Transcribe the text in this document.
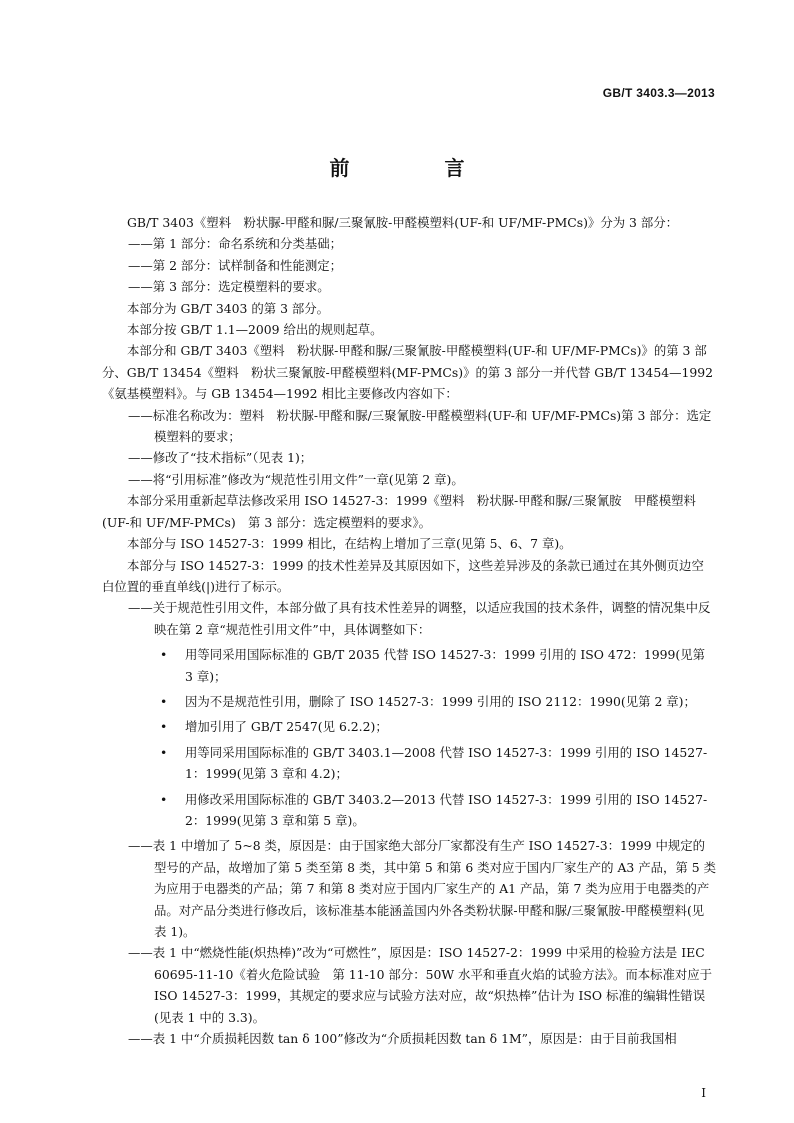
GB/T 3403.3—2013
前 言

GB/T 3403《塑料　粉状脲-甲醛和脲/三聚氰胺-甲醛模塑料(UF-和 UF/MF-PMCs)》分为 3 部分：

——第 1 部分：命名系统和分类基础；

——第 2 部分：试样制备和性能测定；

——第 3 部分：选定模塑料的要求。

本部分为 GB/T 3403 的第 3 部分。

本部分按 GB/T 1.1—2009 给出的规则起草。

本部分和 GB/T 3403《塑料　粉状脲-甲醛和脲/三聚氰胺-甲醛模塑料(UF-和 UF/MF-PMCs)》的第 3 部分、GB/T 13454《塑料　粉状三聚氰胺-甲醛模塑料(MF-PMCs)》的第 3 部分一并代替 GB/T 13454—1992《氨基模塑料》。与 GB 13454—1992 相比主要修改内容如下：

——标准名称改为：塑料　粉状脲-甲醛和脲/三聚氰胺-甲醛模塑料(UF-和 UF/MF-PMCs)第 3 部分：选定模塑料的要求；

——修改了“技术指标”（见表 1)；

——将“引用标准”修改为“规范性引用文件”一章(见第 2 章)。

本部分采用重新起草法修改采用 ISO 14527-3：1999《塑料　粉状脲-甲醛和脲/三聚氰胺　甲醛模塑料(UF-和 UF/MF-PMCs)　第 3 部分：选定模塑料的要求》。

本部分与 ISO 14527-3：1999 相比，在结构上增加了三章(见第 5、6、7 章)。

本部分与 ISO 14527-3：1999 的技术性差异及其原因如下，这些差异涉及的条款已通过在其外侧页边空白位置的垂直单线(|)进行了标示。

——关于规范性引用文件，本部分做了具有技术性差异的调整，以适应我国的技术条件，调整的情况集中反映在第 2 章“规范性引用文件”中，具体调整如下：

• 用等同采用国际标准的 GB/T 2035 代替 ISO 14527-3：1999 引用的 ISO 472：1999(见第 3 章)；

• 因为不是规范性引用，删除了 ISO 14527-3：1999 引用的 ISO 2112：1990(见第 2 章)；

• 增加引用了 GB/T 2547(见 6.2.2)；

• 用等同采用国际标准的 GB/T 3403.1—2008 代替 ISO 14527-3：1999 引用的 ISO 14527-1：1999(见第 3 章和 4.2)；

• 用修改采用国际标准的 GB/T 3403.2—2013 代替 ISO 14527-3：1999 引用的 ISO 14527-2：1999(见第 3 章和第 5 章)。

——表 1 中增加了 5~8 类，原因是：由于国家绝大部分厂家都没有生产 ISO 14527-3：1999 中规定的型号的产品，故增加了第 5 类至第 8 类，其中第 5 和第 6 类对应于国内厂家生产的 A3 产品，第 5 类为应用于电器类的产品；第 7 和第 8 类对应于国内厂家生产的 A1 产品，第 7 类为应用于电器类的产品。对产品分类进行修改后，该标准基本能涵盖国内外各类粉状脲-甲醛和脲/三聚氰胺-甲醛模塑料(见表 1)。

——表 1 中“燃烧性能(炽热棒)”改为“可燃性”，原因是：ISO 14527-2：1999 中采用的检验方法是 IEC 60695-11-10《着火危险试验　第 11-10 部分：50W 水平和垂直火焰的试验方法》。而本标准对应于 ISO 14527-3：1999，其规定的要求应与试验方法对应，故“炽热棒”估计为 ISO 标准的编辑性错误(见表 1 中的 3.3)。

——表 1 中“介质损耗因数 tan δ 100”修改为“介质损耗因数 tan δ 1M”，原因是：由于目前我国相

I
